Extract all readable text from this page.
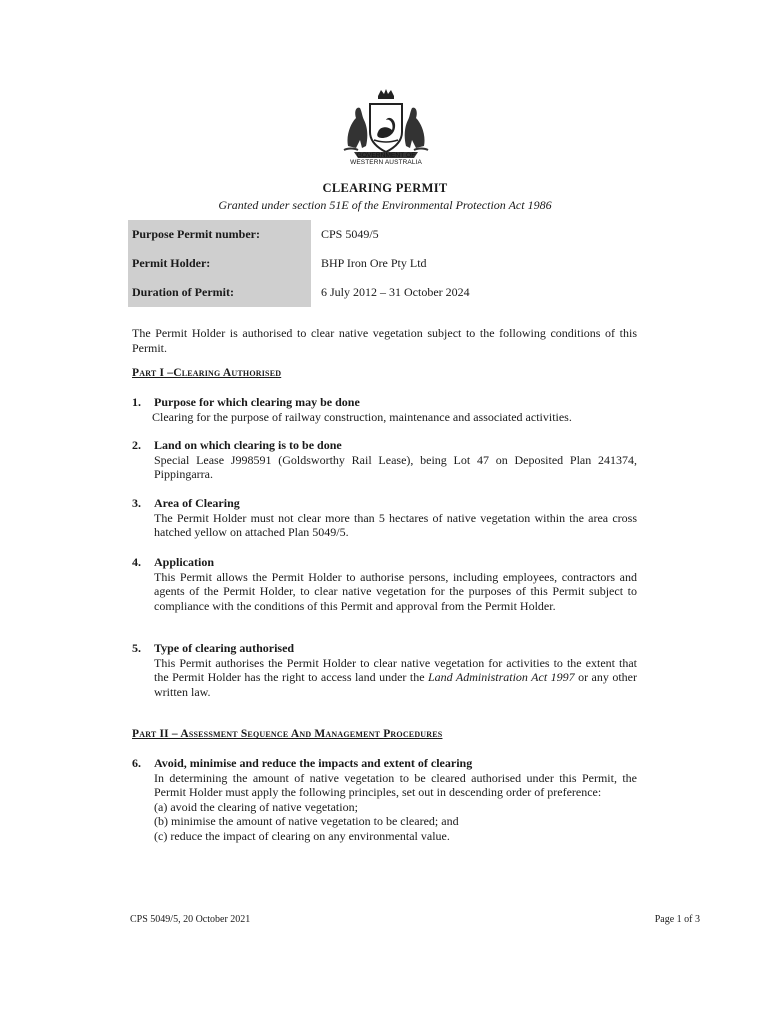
GOVERNMENT OF
WESTERN AUSTRALIA
CLEARING PERMIT
Granted under section 51E of the Environmental Protection Act 1986
Purpose Permit number:	CPS 5049/5
Permit Holder:	BHP Iron Ore Pty Ltd
Duration of Permit:	6 July 2012 – 31 October 2024
The Permit Holder is authorised to clear native vegetation subject to the following conditions of this Permit.
Part I –Clearing Authorised
1. Purpose for which clearing may be done
Clearing for the purpose of railway construction, maintenance and associated activities.
2. Land on which clearing is to be done
Special Lease J998591 (Goldsworthy Rail Lease), being Lot 47 on Deposited Plan 241374, Pippingarra.
3. Area of Clearing
The Permit Holder must not clear more than 5 hectares of native vegetation within the area cross hatched yellow on attached Plan 5049/5.
4. Application
This Permit allows the Permit Holder to authorise persons, including employees, contractors and agents of the Permit Holder, to clear native vegetation for the purposes of this Permit subject to compliance with the conditions of this Permit and approval from the Permit Holder.
5. Type of clearing authorised
This Permit authorises the Permit Holder to clear native vegetation for activities to the extent that the Permit Holder has the right to access land under the Land Administration Act 1997 or any other written law.
Part II – Assessment Sequence And Management Procedures
6. Avoid, minimise and reduce the impacts and extent of clearing
In determining the amount of native vegetation to be cleared authorised under this Permit, the Permit Holder must apply the following principles, set out in descending order of preference:
(a) avoid the clearing of native vegetation;
(b) minimise the amount of native vegetation to be cleared; and
(c) reduce the impact of clearing on any environmental value.
CPS 5049/5, 20 October 2021	Page 1 of 3
